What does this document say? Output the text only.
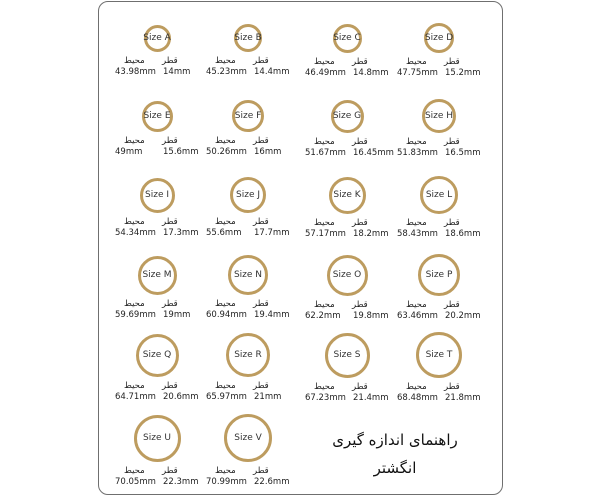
راهنمای اندازه گیری
انگشتر
Size A
محیط قطر
43.98mm 14mm
Size B
محیط قطر
45.23mm 14.4mm
Size C
محیط قطر
46.49mm 14.8mm
Size D
محیط قطر
47.75mm 15.2mm
Size E
محیط قطر
49mm 15.6mm
Size F
محیط قطر
50.26mm 16mm
Size G
محیط قطر
51.67mm 16.45mm
Size H
محیط قطر
51.83mm 16.5mm
Size I
محیط قطر
54.34mm 17.3mm
Size J
محیط قطر
55.6mm 17.7mm
Size K
محیط قطر
57.17mm 18.2mm
Size L
محیط قطر
58.43mm 18.6mm
Size M
محیط قطر
59.69mm 19mm
Size N
محیط قطر
60.94mm 19.4mm
Size O
محیط قطر
62.2mm 19.8mm
Size P
محیط قطر
63.46mm 20.2mm
Size Q
محیط قطر
64.71mm 20.6mm
Size R
محیط قطر
65.97mm 21mm
Size S
محیط قطر
67.23mm 21.4mm
Size T
محیط قطر
68.48mm 21.8mm
Size U
محیط قطر
70.05mm 22.3mm
Size V
محیط قطر
70.99mm 22.6mm
